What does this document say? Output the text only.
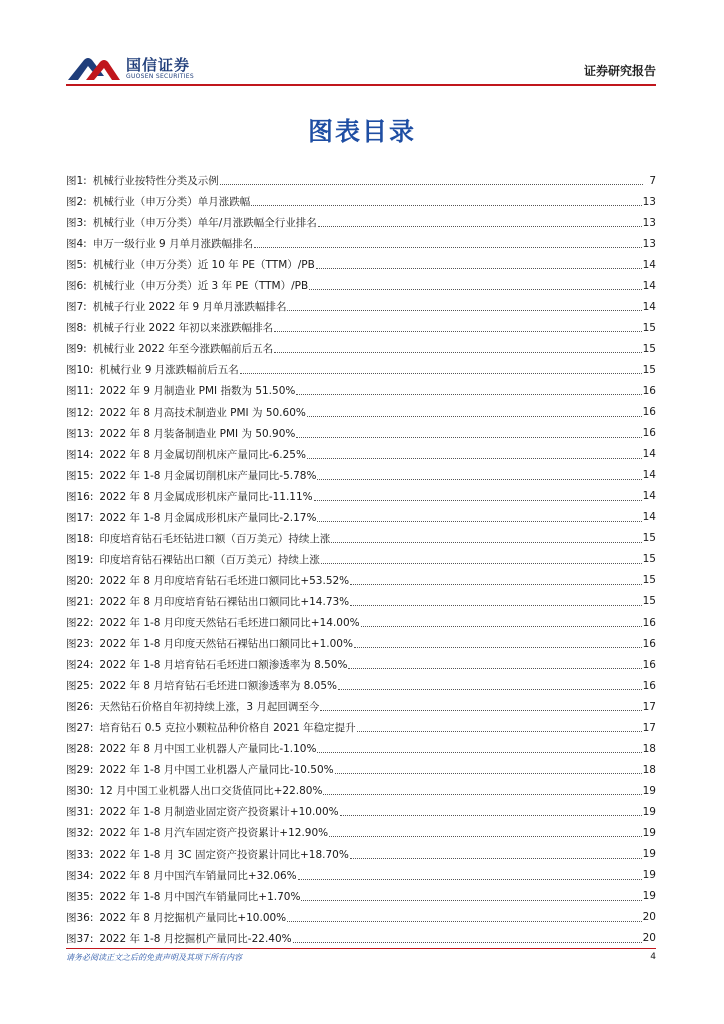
国信证券
GUOSEN SECURITIES	证券研究报告
图表目录
图1: 机械行业按特性分类及示例	7
图2: 机械行业（申万分类）单月涨跌幅	13
图3: 机械行业（申万分类）单年/月涨跌幅全行业排名	13
图4: 申万一级行业 9 月单月涨跌幅排名	13
图5: 机械行业（申万分类）近 10 年 PE（TTM）/PB	14
图6: 机械行业（申万分类）近 3 年 PE（TTM）/PB	14
图7: 机械子行业 2022 年 9 月单月涨跌幅排名	14
图8: 机械子行业 2022 年初以来涨跌幅排名	15
图9: 机械行业 2022 年至今涨跌幅前后五名	15
图10: 机械行业 9 月涨跌幅前后五名	15
图11: 2022 年 9 月制造业 PMI 指数为 51.50%	16
图12: 2022 年 8 月高技术制造业 PMI 为 50.60%	16
图13: 2022 年 8 月装备制造业 PMI 为 50.90%	16
图14: 2022 年 8 月金属切削机床产量同比-6.25%	14
图15: 2022 年 1-8 月金属切削机床产量同比-5.78%	14
图16: 2022 年 8 月金属成形机床产量同比-11.11%	14
图17: 2022 年 1-8 月金属成形机床产量同比-2.17%	14
图18: 印度培育钻石毛坯钻进口额（百万美元）持续上涨	15
图19: 印度培育钻石裸钻出口额（百万美元）持续上涨	15
图20: 2022 年 8 月印度培育钻石毛坯进口额同比+53.52%	15
图21: 2022 年 8 月印度培育钻石裸钻出口额同比+14.73%	15
图22: 2022 年 1-8 月印度天然钻石毛坯进口额同比+14.00%	16
图23: 2022 年 1-8 月印度天然钻石裸钻出口额同比+1.00%	16
图24: 2022 年 1-8 月培育钻石毛坯进口额渗透率为 8.50%	16
图25: 2022 年 8 月培育钻石毛坯进口额渗透率为 8.05%	16
图26: 天然钻石价格自年初持续上涨，3 月起回调至今	17
图27: 培育钻石 0.5 克拉小颗粒品种价格自 2021 年稳定提升	17
图28: 2022 年 8 月中国工业机器人产量同比-1.10%	18
图29: 2022 年 1-8 月中国工业机器人产量同比-10.50%	18
图30: 12 月中国工业机器人出口交货值同比+22.80%	19
图31: 2022 年 1-8 月制造业固定资产投资累计+10.00%	19
图32: 2022 年 1-8 月汽车固定资产投资累计+12.90%	19
图33: 2022 年 1-8 月 3C 固定资产投资累计同比+18.70%	19
图34: 2022 年 8 月中国汽车销量同比+32.06%	19
图35: 2022 年 1-8 月中国汽车销量同比+1.70%	19
图36: 2022 年 8 月挖掘机产量同比+10.00%	20
图37: 2022 年 1-8 月挖掘机产量同比-22.40%	20
请务必阅读正文之后的免责声明及其项下所有内容	4
